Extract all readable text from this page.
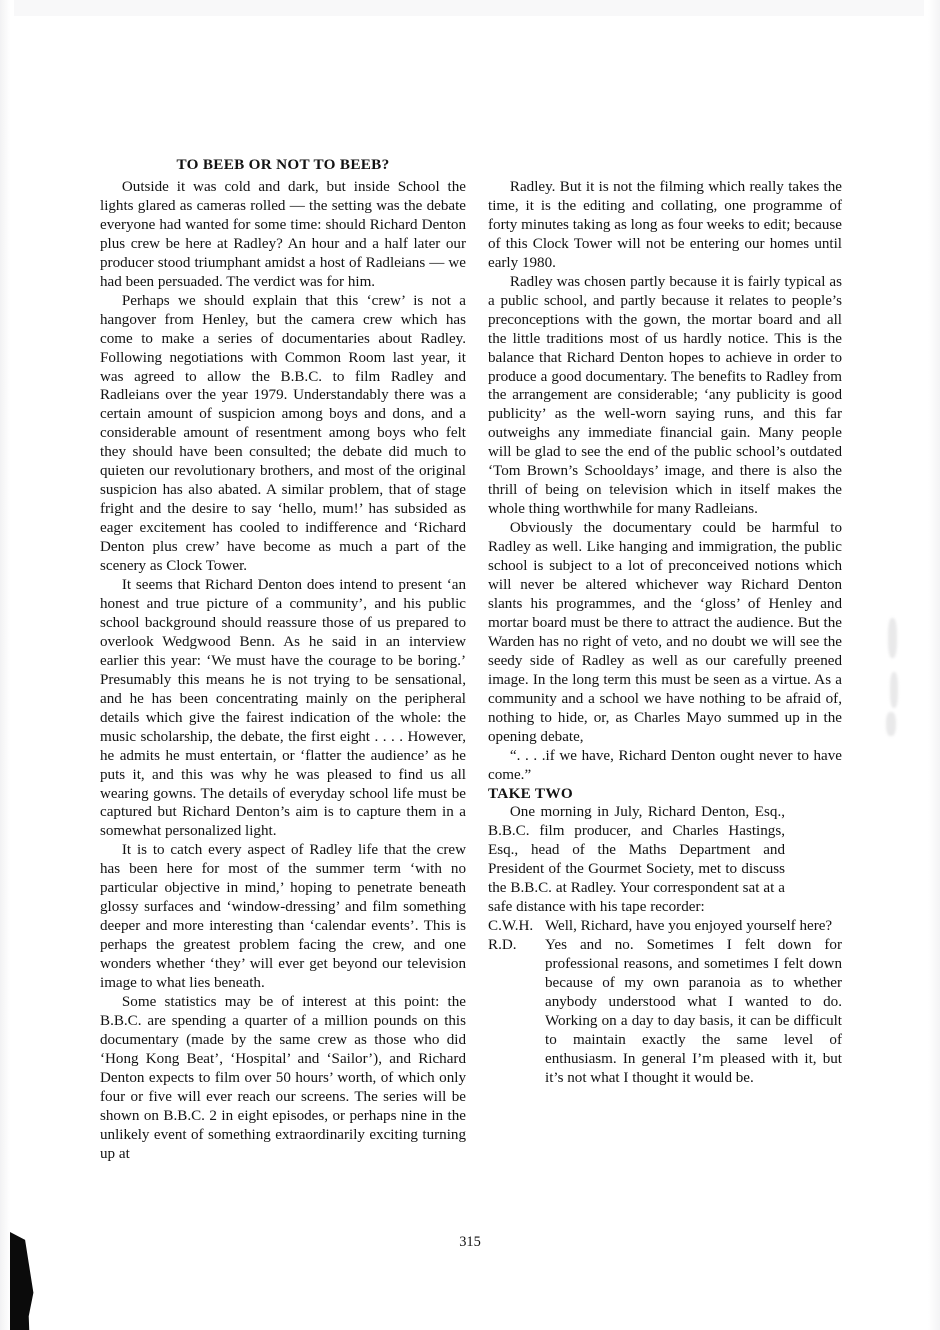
TO BEEB OR NOT TO BEEB?

Outside it was cold and dark, but inside School the lights glared as cameras rolled — the setting was the debate everyone had wanted for some time: should Richard Denton plus crew be here at Radley? An hour and a half later our producer stood triumphant amidst a host of Radleians — we had been persuaded. The verdict was for him.

Perhaps we should explain that this ‘crew’ is not a hangover from Henley, but the camera crew which has come to make a series of documentaries about Radley. Following negotiations with Common Room last year, it was agreed to allow the B.B.C. to film Radley and Radleians over the year 1979. Understandably there was a certain amount of suspicion among boys and dons, and a considerable amount of resentment among boys who felt they should have been consulted; the debate did much to quieten our revolutionary brothers, and most of the original suspicion has also abated. A similar problem, that of stage fright and the desire to say ‘hello, mum!’ has subsided as eager excitement has cooled to indifference and ‘Richard Denton plus crew’ have become as much a part of the scenery as Clock Tower.

It seems that Richard Denton does intend to present ‘an honest and true picture of a community’, and his public school background should reassure those of us prepared to overlook Wedgwood Benn. As he said in an interview earlier this year: ‘We must have the courage to be boring.’ Presumably this means he is not trying to be sensational, and he has been concentrating mainly on the peripheral details which give the fairest indication of the whole: the music scholarship, the debate, the first eight . . . . However, he admits he must entertain, or ‘flatter the audience’ as he puts it, and this was why he was pleased to find us all wearing gowns. The details of everyday school life must be captured but Richard Denton’s aim is to capture them in a somewhat personalized light.

It is to catch every aspect of Radley life that the crew has been here for most of the summer term ‘with no particular objective in mind,’ hoping to penetrate beneath glossy surfaces and ‘window-dressing’ and film something deeper and more interesting than ‘calendar events’. This is perhaps the greatest problem facing the crew, and one wonders whether ‘they’ will ever get beyond our television image to what lies beneath.

Some statistics may be of interest at this point: the B.B.C. are spending a quarter of a million pounds on this documentary (made by the same crew as those who did ‘Hong Kong Beat’, ‘Hospital’ and ‘Sailor’), and Richard Denton expects to film over 50 hours’ worth, of which only four or five will ever reach our screens. The series will be shown on B.B.C. 2 in eight episodes, or perhaps nine in the unlikely event of something extraordinarily exciting turning up at

Radley. But it is not the filming which really takes the time, it is the editing and collating, one programme of forty minutes taking as long as four weeks to edit; because of this Clock Tower will not be entering our homes until early 1980.

Radley was chosen partly because it is fairly typical as a public school, and partly because it relates to people’s preconceptions with the gown, the mortar board and all the little traditions most of us hardly notice. This is the balance that Richard Denton hopes to achieve in order to produce a good documentary. The benefits to Radley from the arrangement are considerable; ‘any publicity is good publicity’ as the well-worn saying runs, and this far outweighs any immediate financial gain. Many people will be glad to see the end of the public school’s outdated ‘Tom Brown’s Schooldays’ image, and there is also the thrill of being on television which in itself makes the whole thing worthwhile for many Radleians.

Obviously the documentary could be harmful to Radley as well. Like hanging and immigration, the public school is subject to a lot of preconceived notions which will never be altered whichever way Richard Denton slants his programmes, and the ‘gloss’ of Henley and mortar board must be there to attract the audience. But the Warden has no right of veto, and no doubt we will see the seedy side of Radley as well as our carefully preened image. In the long term this must be seen as a virtue. As a community and a school we have nothing to be afraid of, nothing to hide, or, as Charles Mayo summed up in the opening debate,

“. . . .if we have, Richard Denton ought never to have come.”

TAKE TWO

One morning in July, Richard Denton, Esq., B.B.C. film producer, and Charles Hastings, Esq., head of the Maths Department and President of the Gourmet Society, met to discuss the B.B.C. at Radley. Your correspondent sat at a safe distance with his tape recorder:

C.W.H. Well, Richard, have you enjoyed yourself here?

R.D.	Yes and no. Sometimes I felt down for professional reasons, and sometimes I felt down because of my own paranoia as to whether anybody understood what I wanted to do. Working on a day to day basis, it can be difficult to maintain exactly the same level of enthusiasm. In general I’m pleased with it, but it’s not what I thought it would be.

315
